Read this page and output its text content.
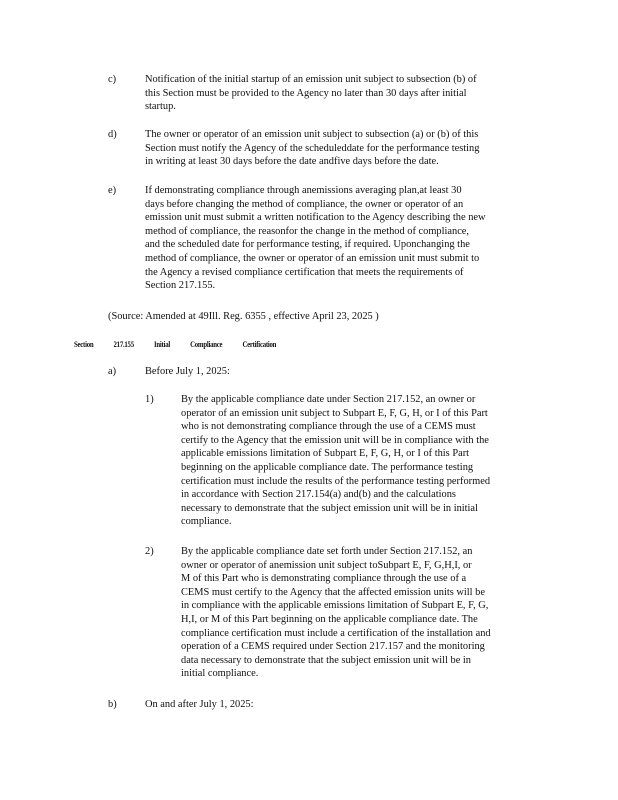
c)	Notification of the initial startup of an emission unit subject to subsection (b) of
this Section must be provided to the Agency no later than 30 days after initial
startup.
d)	The owner or operator of an emission unit subject to subsection (a) or (b) of this
Section must notify the Agency of the scheduleddate for the performance testing
in writing at least 30 days before the date andfive days before the date.
e)	If demonstrating compliance through anemissions averaging plan,at least 30
days before changing the method of compliance, the owner or operator of an
emission unit must submit a written notification to the Agency describing the new
method of compliance, the reasonfor the change in the method of compliance,
and the scheduled date for performance testing, if required. Uponchanging the
method of compliance, the owner or operator of an emission unit must submit to
the Agency a revised compliance certification that meets the requirements of
Section 217.155.
(Source: Amended at 49Ill. Reg. 6355 , effective April 23, 2025 )
Section	217.155	Initial	Compliance	Certification
a)	Before July 1, 2025:
1)	By the applicable compliance date under Section 217.152, an owner or
operator of an emission unit subject to Subpart E, F, G, H, or I of this Part
who is not demonstrating compliance through the use of a CEMS must
certify to the Agency that the emission unit will be in compliance with the
applicable emissions limitation of Subpart E, F, G, H, or I of this Part
beginning on the applicable compliance date. The performance testing
certification must include the results of the performance testing performed
in accordance with Section 217.154(a) and(b) and the calculations
necessary to demonstrate that the subject emission unit will be in initial
compliance.
2)	By the applicable compliance date set forth under Section 217.152, an
owner or operator of anemission unit subject toSubpart E, F, G,H,I, or
M of this Part who is demonstrating compliance through the use of a
CEMS must certify to the Agency that the affected emission units will be
in compliance with the applicable emissions limitation of Subpart E, F, G,
H,I, or M of this Part beginning on the applicable compliance date. The
compliance certification must include a certification of the installation and
operation of a CEMS required under Section 217.157 and the monitoring
data necessary to demonstrate that the subject emission unit will be in
initial compliance.
b)	On and after July 1, 2025:
